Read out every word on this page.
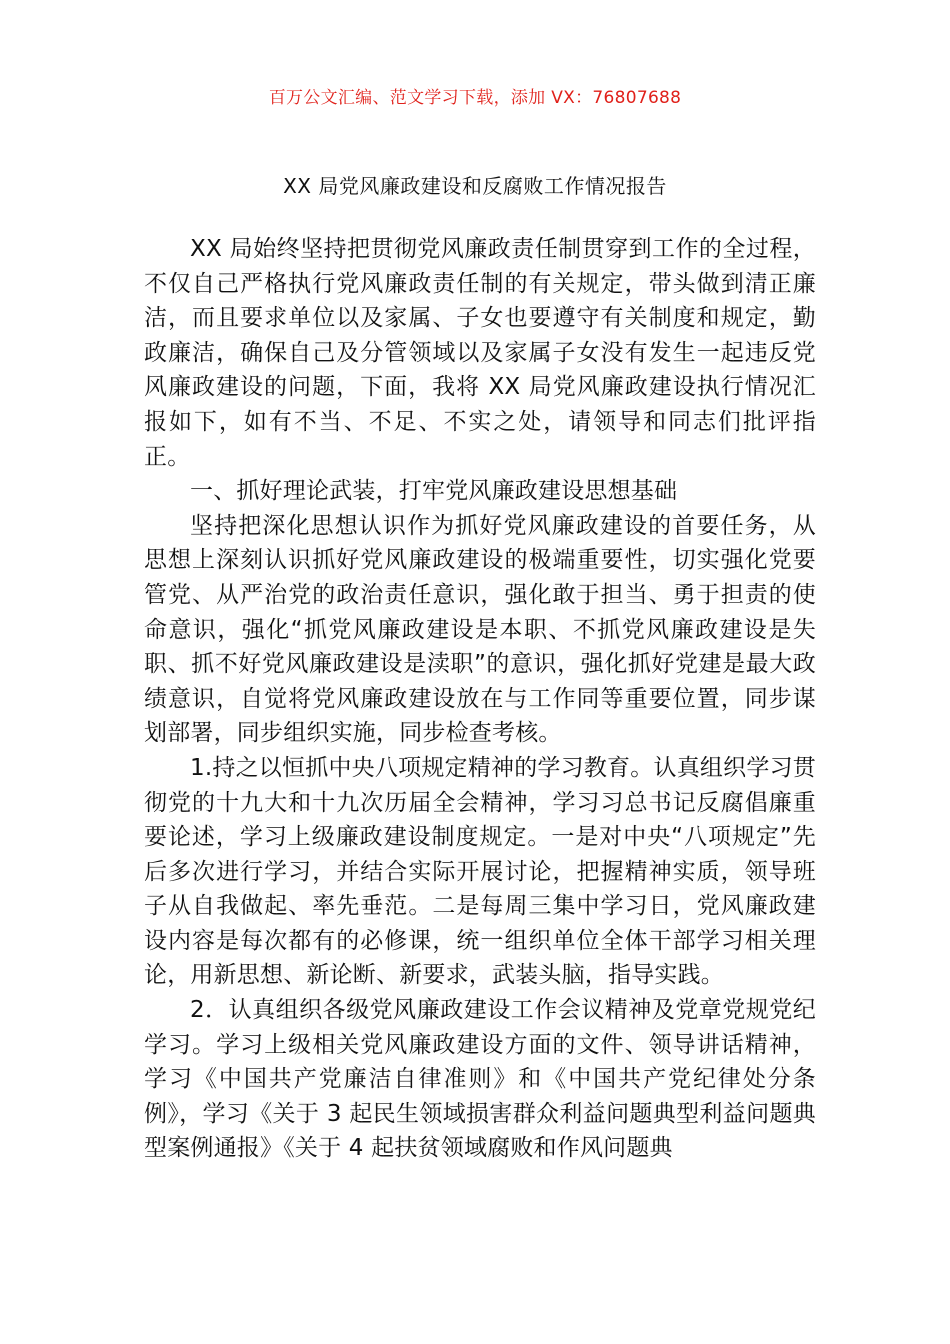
百万公文汇编、范文学习下载，添加 VX：76807688
XX 局党风廉政建设和反腐败工作情况报告

XX 局始终坚持把贯彻党风廉政责任制贯穿到工作的全过程，不仅自己严格执行党风廉政责任制的有关规定，带头做到清正廉洁，而且要求单位以及家属、子女也要遵守有关制度和规定，勤政廉洁，确保自己及分管领域以及家属子女没有发生一起违反党风廉政建设的问题，下面，我将 XX 局党风廉政建设执行情况汇报如下，如有不当、不足、不实之处，请领导和同志们批评指正。

一、抓好理论武装，打牢党风廉政建设思想基础

坚持把深化思想认识作为抓好党风廉政建设的首要任务，从思想上深刻认识抓好党风廉政建设的极端重要性，切实强化党要管党、从严治党的政治责任意识，强化敢于担当、勇于担责的使命意识，强化“抓党风廉政建设是本职、不抓党风廉政建设是失职、抓不好党风廉政建设是渎职”的意识，强化抓好党建是最大政绩意识，自觉将党风廉政建设放在与工作同等重要位置，同步谋划部署，同步组织实施，同步检查考核。

1.持之以恒抓中央八项规定精神的学习教育。认真组织学习贯彻党的十九大和十九次历届全会精神，学习习总书记反腐倡廉重要论述，学习上级廉政建设制度规定。一是对中央“八项规定”先后多次进行学习，并结合实际开展讨论，把握精神实质，领导班子从自我做起、率先垂范。二是每周三集中学习日，党风廉政建设内容是每次都有的必修课，统一组织单位全体干部学习相关理论，用新思想、新论断、新要求，武装头脑，指导实践。

2．认真组织各级党风廉政建设工作会议精神及党章党规党纪学习。学习上级相关党风廉政建设方面的文件、领导讲话精神，学习《中国共产党廉洁自律准则》和《中国共产党纪律处分条例》，学习《关于 3 起民生领域损害群众利益问题典型利益问题典型案例通报》《关于 4 起扶贫领域腐败和作风问题典
